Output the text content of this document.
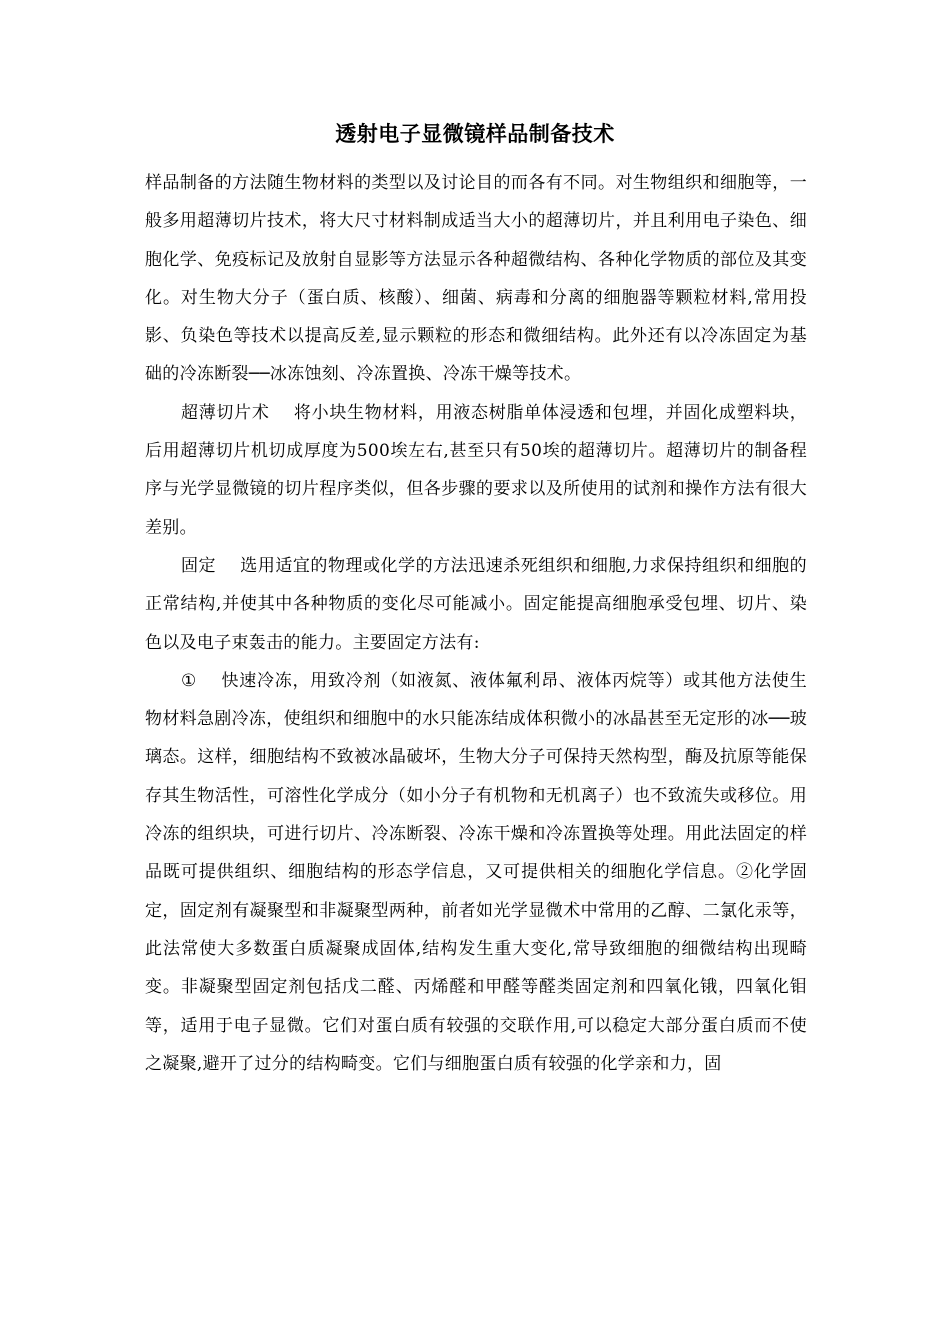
透射电子显微镜样品制备技术

样品制备的方法随生物材料的类型以及讨论目的而各有不同。对生物组织和细胞等，一般多用超薄切片技术，将大尺寸材料制成适当大小的超薄切片，并且利用电子染色、细胞化学、免疫标记及放射自显影等方法显示各种超微结构、各种化学物质的部位及其变化。对生物大分子（蛋白质、核酸）、细菌、病毒和分离的细胞器等颗粒材料,常用投影、负染色等技术以提高反差,显示颗粒的形态和微细结构。此外还有以冷冻固定为基础的冷冻断裂──冰冻蚀刻、冷冻置换、冷冻干燥等技术。

超薄切片术 将小块生物材料，用液态树脂单体浸透和包埋，并固化成塑料块，后用超薄切片机切成厚度为500埃左右,甚至只有50埃的超薄切片。超薄切片的制备程序与光学显微镜的切片程序类似，但各步骤的要求以及所使用的试剂和操作方法有很大差别。

固定 选用适宜的物理或化学的方法迅速杀死组织和细胞,力求保持组织和细胞的正常结构,并使其中各种物质的变化尽可能减小。固定能提高细胞承受包埋、切片、染色以及电子束轰击的能力。主要固定方法有:

① 快速冷冻，用致冷剂（如液氮、液体氟利昂、液体丙烷等）或其他方法使生物材料急剧冷冻，使组织和细胞中的水只能冻结成体积微小的冰晶甚至无定形的冰──玻璃态。这样，细胞结构不致被冰晶破坏，生物大分子可保持天然构型，酶及抗原等能保存其生物活性，可溶性化学成分（如小分子有机物和无机离子）也不致流失或移位。用冷冻的组织块，可进行切片、冷冻断裂、冷冻干燥和冷冻置换等处理。用此法固定的样品既可提供组织、细胞结构的形态学信息，又可提供相关的细胞化学信息。②化学固定，固定剂有凝聚型和非凝聚型两种，前者如光学显微术中常用的乙醇、二氯化汞等，此法常使大多数蛋白质凝聚成固体,结构发生重大变化,常导致细胞的细微结构出现畸变。非凝聚型固定剂包括戊二醛、丙烯醛和甲醛等醛类固定剂和四氧化锇，四氧化钼等，适用于电子显微。它们对蛋白质有较强的交联作用,可以稳定大部分蛋白质而不使之凝聚,避开了过分的结构畸变。它们与细胞蛋白质有较强的化学亲和力，固
